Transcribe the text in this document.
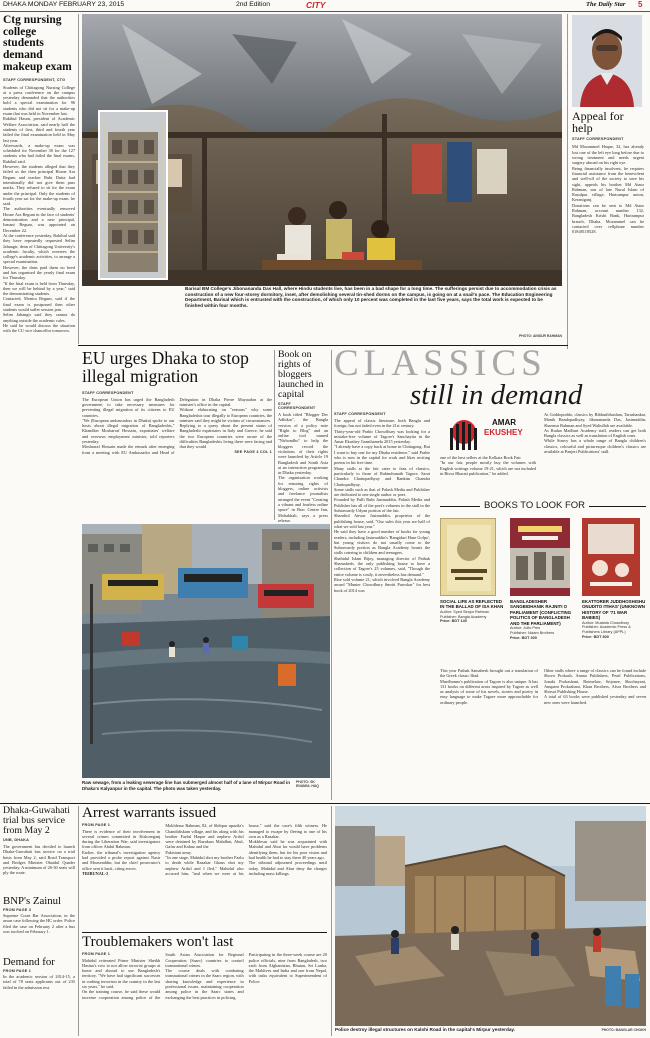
DHAKA MONDAY FEBRUARY 23, 2015	2nd Edition	CITY	The Daily Star 5
Ctg nursing college students demand makeup exam
STAFF CORRESPONDENT, CTG

Students of Chittagong Nursing College at a press conference on the campus yesterday demanded that the authorities hold a special examination for 96 students who did not sit for a make-up exam that was held in November last.

Rakibul Hasan, president of Academic Welfare Association, said nearly half the students of first, third and fourth year failed the final examination held in May last year.

Afterwards, a make-up exam was scheduled for November 30 for the 127 students who had failed the final exams, Rakibul said.

However, the students alleged that they failed as the then principal Hosne Ara Begum and teacher Rubi Dutta had intentionally did not give them pass marks. They refused to sit for the exam under the principal. Only the students of fourth year sat for the make-up exam, he said.

The authorities eventually removed Hosne Ara Begum in the face of students' demonstration and a new principal, Ismani Begum, was appointed on December 22.

At the conference yesterday, Rakibul said they have repeatedly requested Selim Jahangir, dean of Chittagong University's academic faculty, which oversees the college's academic activities, to arrange a special examination.

However, the dean paid them no heed and has organised the yearly final exam for Thursday.

"If the final exam is held from Thursday, then we will be behind by a year," said the demonstrating students.

Contacted, Monira Begum, said if the final exam is postponed then other students would suffer session jam.

Selim Jahangir said they cannot do anything outside the academic rules.

He said he would discuss the situation with the CU vice chancellor tomorrow.

Barisal BM College's Jibonananda Das Hall, where Hindu students live, has been in a bad shape for a long time. The sufferings persist due to accommodation crisis as construction of a new four-storey dormitory, inset, after demolishing several tin-shed dorms on the campus, is going on at a snail's pace. The Education Engineering Department, Barisal which is entrusted with the construction, of which only 10 percent was completed in the last five years, says the total work is expected to be finished within four months.
PHOTO: ANISUR RAHMAN
Appeal for help
STAFF CORRESPONDENT

Md Mozammel Haque, 32, has already lost one of the left eye long before due to wrong treatment and needs urgent surgery abroad on his right eye.

Being financially insolvent, he requires financial assistance from the benevolent and well-off of the society to save his sight, appeals his brother Md Ataur Rahman, son of late Nurul Islam of Rasulpur village, Harirampur union, Keraniganj.

Donations can be sent to Md Ataur Rahman, account number 132, Bangladesh Krishi Bank, Harirampur branch, Dhaka. Mozammel can be contacted over cellphone number 01848118528.

EU urges Dhaka to stop illegal migration
STAFF CORRESPONDENT

The European Union has urged the Bangladesh government to take necessary measures for preventing illegal migration of its citizens to EU countries.

"We (European ambassadors in Dhaka) spoke to our hosts about illegal migration of Bangladeshis," Khandker Mosharraf Hossain, expatriates' welfare and overseas employment minister, told reporters yesterday.

Mosharraf Hossain made the remark after emerging from a meeting with EU Ambassador and Head of Delegation in Dhaka Pierre Mayaudon at the minister's office in the capital.

Without elaborating on "reasons" why some Bangladeshis tour illegally to European countries, the minister said they might be victims of circumstances.

Replying to a query about the present status of Bangladeshi expatriates in Italy and Greece, he said the two European countries were aware of the difficulties Bangladeshis living there were facing and that they would

SEE PAGE 4 COL 1

Book on rights of bloggers launched in capital
STAFF CORRESPONDENT

A book titled "Blogger Der Adhikar", the Bangla version of a policy note "Right to Blog" and an online tool named "Nirbondho" to help the bloggers record the violations of their rights were launched by Article 19 Bangladesh and South Asia at an interaction programme in Dhaka yesterday.

The organisation working for ensuring rights of bloggers, online activists and freelance journalists arranged the event "Creating a vibrant and fearless online space" in Brac Centre Inn, Mohakhali, says a press release.

Raw sewage, from a leaking sewerage line has submerged almost half of a lane of Mirpur Road in Dhaka's Kalyanpur in the capital. The photo was taken yesterday.
PHOTO: SK ENAMUL HAQ
CLASSICS
still in demand
STAFF CORRESPONDENT

The appeal of classic literature, both Bangla and foreign, has not faded even in the 21st century.

Thirty-year-old Prabir Chowdhury was looking for a mistake-free volume of Tagore's Sanchayita in the Amar Ekushey Granthamela 2015 yesterday.

"I already have a copy back at home in Chittagong. But I want to buy one for my Dhaka residence," said Prabir who is now in the capital for work and likes reciting poems in his free time.

Many stalls at the fair cater to fans of classics, particularly to those of Rabindranath Tagore, Sarat Chandra Chattopadhyay and Bankim Chandra Chattopadhyay.

Some stalls such as that of Palash Media and Publisher are dedicated to one single author or poet.

Founded by Pulli Rubi Jasimuddin, Palash Media and Publisher has all of the poet's volumes in the stall in the Suhrawardy Udyan portion of the fair.

Shamfiul Anwar Jasimuddin, proprietor of the publishing house, said, "Our sales this year are half of what we sold last year."

He said they have a good number of books for young readers, including Jasimuddin's 'Rangidari Hase Golpo', but young visitors do not usually come to the Suhrawardy portion as Bangla Academy boasts the stalls catering to children and teenagers.

Shahidul Islam Bijoy, managing director of Pathak Shamabesh, the only publishing house to have a collection of Tagore's 25 volumes, said, "Though the entire volume is costly, it nevertheless has demand."

Rise sold volume 21, which involved Bangla Academy award "Munier Chowdhury Smriti Puroskar" for best book of 2014 was

AMAR
EKUSHEY

one of the best sellers at the Kolkata Book Fair.

"In our fair, people mostly buy the volumes with English writings volume 19-21, which are not included in Bisva Bharati publication," he added.

At Goddopoddo, classics by Bibhutibhushan, Tarashankar, Manik Bandopadhyay, Jibonananda Das, Jasimuddin, Shamsur Rahman and Syed Waliullah are available.

As Rudaa Madhuri Academy stall, readers can get both Bangla classics as well as translation of English ones.

While Simvy has a whole range of Bangla children's classics, colourful and picturesque children's classics are available at Panjeri Publications' stall.

BOOKS TO LOOK FOR
SOCIAL LIFE AS REFLECTED IN THE BALLAD OF ISA KHAN
Author: Syed Sirajur Rahman
Publisher: Bangla Academy
Price: BDT 140
BANGLADESHER SANGBIDHANIK RAJNITI O PARLIAMENT (CONFLICTING POLITICS OF BANGLADESH AND THE PARLIAMENT)
Author: Julfo Pres
Publisher: Nizam Brothers
Price: BDT 300
EKATTORER JUDDHOSHISHU ONUDITO ITIHAS' (UNKNOWN HISTORY OF '71 WAR BABIES)
Author: Mustafa Chowdhury
Publisher: Academic Press & Publishers Library (APPL)
Price: BDT 800

This year Pathak Samabesh brought out a translation of the Greek classic Iliad.

Murdhonno's publication of Tagore is also unique. It has 131 books on different areas inspired by Tagore as well as analysis of some of his novels, stories and poetry in easy language to make Tagore more approachable for ordinary people.

Other stalls where a range of classics can be found include Shova Prokash, Anana Publishers, Pearl Publications, Jonaki Prokashani, Boimelaw, Srijonee, Shuchayani, Anupam Prokashani, Khan Brothers, Afsar Brothers and Shirsoi Publishing House.

A total of 63 books were published yesterday and seven new ones were launched.

Dhaka-Guwahati trial bus service from May 2
UNB, DHAKA
The government has decided to launch Dhaka-Guwahati bus service on a trial basis from May 2, said Road Transport and Bridges Minister Obaidul Quader yesterday. A minimum of 26-30 seats will ply the route.
BNP's Zainul
FROM PAGE 3
Supreme Court Bar Association, in the arson case following the HC order. Police filed the case on February 2 after a bus was torched on February 1.
Demand for
FROM PAGE 1
In the academic session of 2014-15, a total of 78 seats applicants out of 235 failed in the admission test.
Arrest warrants issued

FROM PAGE 1

There is evidence of their involvement in several crimes committed in Kishoreganj during the Liberation War, said investigators from officer Abdul Rahman.

Earlier, the tribunal's investigation agency had provided a probe report against Nasir and Moaseuddin, but the chief prosecutor's office sent it back, citing errors.

TRIBUNAL-2

Mokhlesur Rahman, 82, of Shibpur upazila's Chandidiskam village, and his along with his brother Fazlul Haque and nephew Ariful were detained by Razakars Mahdbut, Abul, Gafur and Kabuz and the

Pakistani army.

"In one stage, Mahidul shot my brother Fazlu to death while Razakar Ghaus shot my nephew Ariful and I fled," Mahidul also accused him, "and when we were at his house," said the case's fifth witness. He managed to escape by fleeing to one of his own as a Razakar.

Mokhlesur said he was acquainted with Mahidul and Abur for would have problems identifying them, but for his poor vision and bad health he had to stay there 40 years ago.

The tribunal adjourned proceedings until today. Mahidul and Abur deny the charges including mass killings.

Troublemakers won't last

FROM PAGE 1

Mahidul reiterated Prime Minister Sheikh Hasina's vow to not allow terrorist groups at home and abroad to use Bangladesh's territory. "We have had significant successes in curbing terrorism in the country in the last six years," he said.

On the training course, he said these would increase cooperation among police of the South Asian Association for Regional Cooperation (Saarc) countries to control transnational crimes.

The course deals with combating transnational crimes in the Saarc region, with sharing knowledge and experience in professional issues, maintaining cooperation among police in the Saarc states and exchanging the best practices in policing.

Participating in the three-week course are 20 police officials, nine from Bangladesh, two each from Afghanistan, Bhutan, Sri Lanka, the Maldives and India and one from Nepal, with tasks equivalent to Superintendent of Police.

Police destroy illegal structures on Kalshi Road in the capital's Mirpur yesterday.	PHOTO: BANGLAR CHOKH
